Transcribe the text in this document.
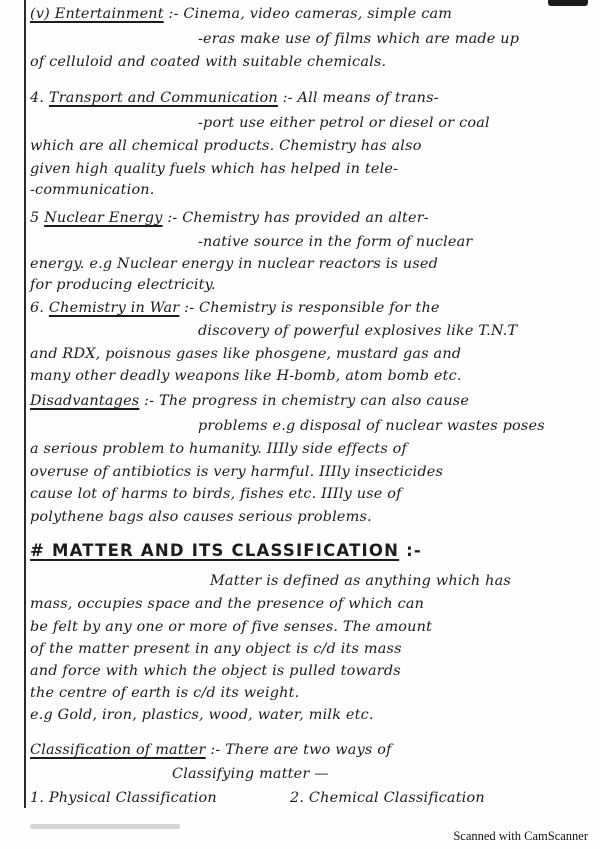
(v) Entertainment :- Cinema, video cameras, simple cam
-eras make use of films which are made up
of celluloid and coated with suitable chemicals.
4. Transport and Communication :- All means of trans-
-port use either petrol or diesel or coal
which are all chemical products. Chemistry has also
given high quality fuels which has helped in tele-
-communication.
5 Nuclear Energy :- Chemistry has provided an alter-
-native source in the form of nuclear
energy. e.g Nuclear energy in nuclear reactors is used
for producing electricity.
6. Chemistry in War :- Chemistry is responsible for the
discovery of powerful explosives like T.N.T
and RDX, poisnous gases like phosgene, mustard gas and
many other deadly weapons like H-bomb, atom bomb etc.
Disadvantages :- The progress in chemistry can also cause
problems e.g disposal of nuclear wastes poses
a serious problem to humanity. IIIly side effects of
overuse of antibiotics is very harmful. IIIly insecticides
cause lot of harms to birds, fishes etc. IIIly use of
polythene bags also causes serious problems.
# MATTER AND ITS CLASSIFICATION :-
Matter is defined as anything which has
mass, occupies space and the presence of which can
be felt by any one or more of five senses. The amount
of the matter present in any object is c/d its mass
and force with which the object is pulled towards
the centre of earth is c/d its weight.
e.g Gold, iron, plastics, wood, water, milk etc.
Classification of matter :- There are two ways of
Classifying matter —
1. Physical Classification	2. Chemical Classification
Scanned with CamScanner
